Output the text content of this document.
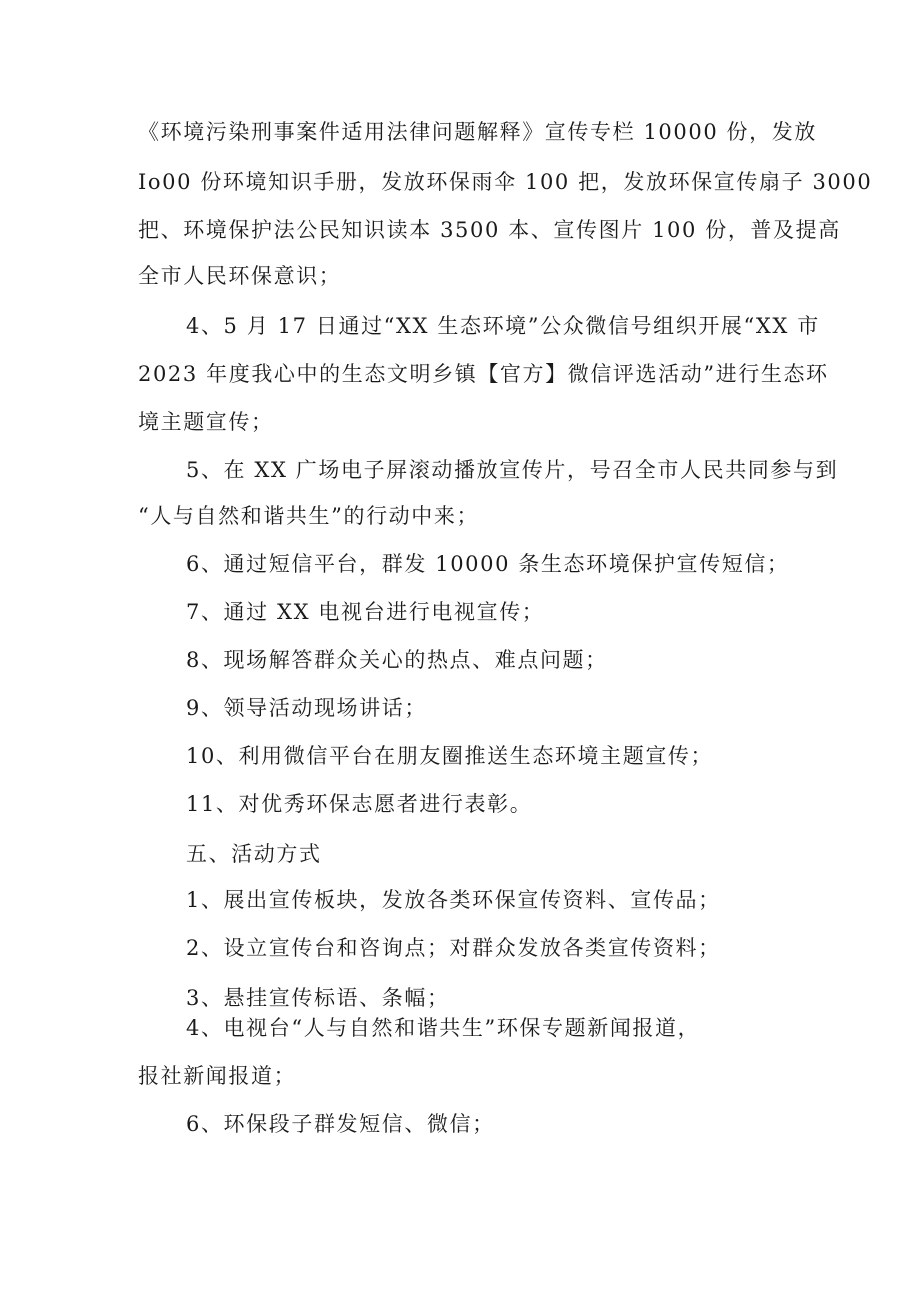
《环境污染刑事案件适用法律问题解释》宣传专栏 10000 份，发放
Io00 份环境知识手册，发放环保雨伞 100 把，发放环保宣传扇子 3000
把、环境保护法公民知识读本 3500 本、宣传图片 100 份，普及提高
全市人民环保意识；
4、5 月 17 日通过“XX 生态环境”公众微信号组织开展“XX 市
2023 年度我心中的生态文明乡镇【官方】微信评选活动”进行生态环
境主题宣传；
5、在 XX 广场电子屏滚动播放宣传片，号召全市人民共同参与到
“人与自然和谐共生”的行动中来；
6、通过短信平台，群发 10000 条生态环境保护宣传短信；
7、通过 XX 电视台进行电视宣传；
8、现场解答群众关心的热点、难点问题；
9、领导活动现场讲话；
10、利用微信平台在朋友圈推送生态环境主题宣传；
11、对优秀环保志愿者进行表彰。
五、活动方式
1、展出宣传板块，发放各类环保宣传资料、宣传品；
2、设立宣传台和咨询点；对群众发放各类宣传资料；
3、悬挂宣传标语、条幅；
4、电视台“人与自然和谐共生”环保专题新闻报道，
报社新闻报道；
6、环保段子群发短信、微信；
